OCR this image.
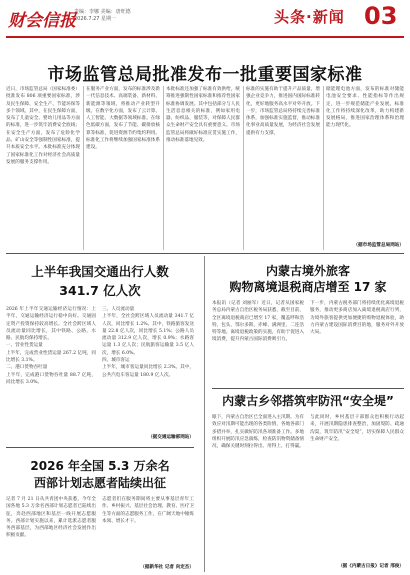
财会信报
责编：李娜 美编：唐旺德
2026.7.27 星期一	头条·新闻 03
市场监管总局批准发布一批重要国家标准
近日，市场监管总局（国家标准委）批准发布 806 项重要国家标准，涉及民生保障、安全生产、节能环保等多个领域。其中，在民生保障方面，发布了儿童安全、婴幼儿用品等方面的标准，进一步筑牢消费安全底线；在安全生产方面，发布了危险化学品、矿山安全等强制性国家标准，提升本质安全水平。本批标准充分体现了国家标准化工作对经济社会高质量发展的服务支撑作用。
在服务产业方面，发布的标准涉及新一代信息技术、高端装备、新材料、新能源等领域，将推动产业转型升级。在数字化方面，发布了云计算、人工智能、大数据等领域标准。在绿色低碳方面，发布了节能、碳排放核算等标准，促进资源节约集约利用。标准化工作将继续加强国家标准体系建设。
本批标准还加强了标准有效供给，统筹推进强制性国家标准和推荐性国家标准协调发展。其中包括部分与人民生活息息相关的标准，例如家用电器、纺织品、服装等，对保障人民群众生命财产安全具有重要意义。市场监管总局将做好标准宣贯实施工作，推动标准落地见效。
标准的实施有助于提升产品质量，增强企业竞争力，推进国内国际标准转化，更好地服务高水平对外开放。下一步，市场监管总局将持续完善标准体系，加强标准实施监督，推动标准化事业高质量发展，为经济社会发展提供有力支撑。
储能锂电池方面，发布的标准对储能电池安全要求、性能指标等作出规定，进一步规范储能产业发展。标准化工作将持续深化改革，助力构建新发展格局，推进国家治理体系和治理能力现代化。
（据市场监管总局网站）
上半年我国交通出行人数
341.7 亿人次
2026 年上半年交通运输经济运行情况：上半年，交通运输经济运行稳中向好。交通固定资产投资保持较高增长。全社会跨区域人员流动量同比增长，其中铁路、公路、水路、民航均保持增长。
一、营业性货运量
上半年，完成营业性货运量 267.2 亿吨，同比增长 3.1%。
二、港口货物吞吐量
上半年，完成港口货物吞吐量 88.7 亿吨，同比增长 3.0%。
三、人员流动量
上半年，全社会跨区域人员流动量 341.7 亿人次，同比增长 1.2%。其中，铁路旅客发送量 22.8 亿人次，同比增长 5.1%；公路人员流动量 312.9 亿人次，增长 0.9%；水路客运量 1.3 亿人次；民航旅客运输量 3.5 亿人次，增长 6.0%。
四、城市客运
上半年，城市客运量同比增长 2.3%。其中，公共汽电车客运量 180.9 亿人次。
（据交通运输部网站）
2026 年全国 5.3 万余名
西部计划志愿者陆续出征
记者 7 月 21 日从共青团中央获悉，今年全国各地 5.3 万余名西部计划志愿者已陆续出征，奔赴西部地区和基层一线开展志愿服务。西部计划实施以来，累计选派志愿者服务西部基层，为西部地区经济社会发展作出积极贡献。
志愿者们在服务期间将主要从事基层青年工作、乡村振兴、基层社会治理、教育、医疗卫生等方面的志愿服务工作，在广阔天地中锤炼本领、增长才干。
（据新华社 记者 向定杰）
内蒙古境外旅客
购物离境退税商店增至 17 家
本报讯（记者 刘丽军）近日，记者从国家税务总局内蒙古自治区税务局获悉，截至目前，全区离境退税商店已增至 17 家，覆盖呼和浩特、包头、鄂尔多斯、赤峰、满洲里、二连浩特等地。离境退税政策的实施，有助于促进入境消费，提升内蒙古国际消费吸引力。
下一步，内蒙古税务部门将持续优化离境退税服务，推动更多商店加入离境退税商店行列，为境外旅客提供更加便捷的购物退税体验，助力内蒙古建设国际消费目的地，服务对外开放大局。
内蒙古乡邻搭筑牢防汛“安全堤”
眼下，内蒙古自治区已全面进入主汛期。为有效应对汛期可能出现的各类险情，各地各部门多措并举，扎实做好防汛各项准备工作。多地组织开展防汛应急演练，检查防汛物资储备情况，确保关键时刻拉得出、用得上、打得赢。
与此同时，乡村基层干部群众也积极行动起来，开展汛期隐患排查整治，加固堤防、疏通沟渠，筑牢防汛“安全堤”，切实保障人民群众生命财产安全。
（据《内蒙古日报》记者 邢俊）
